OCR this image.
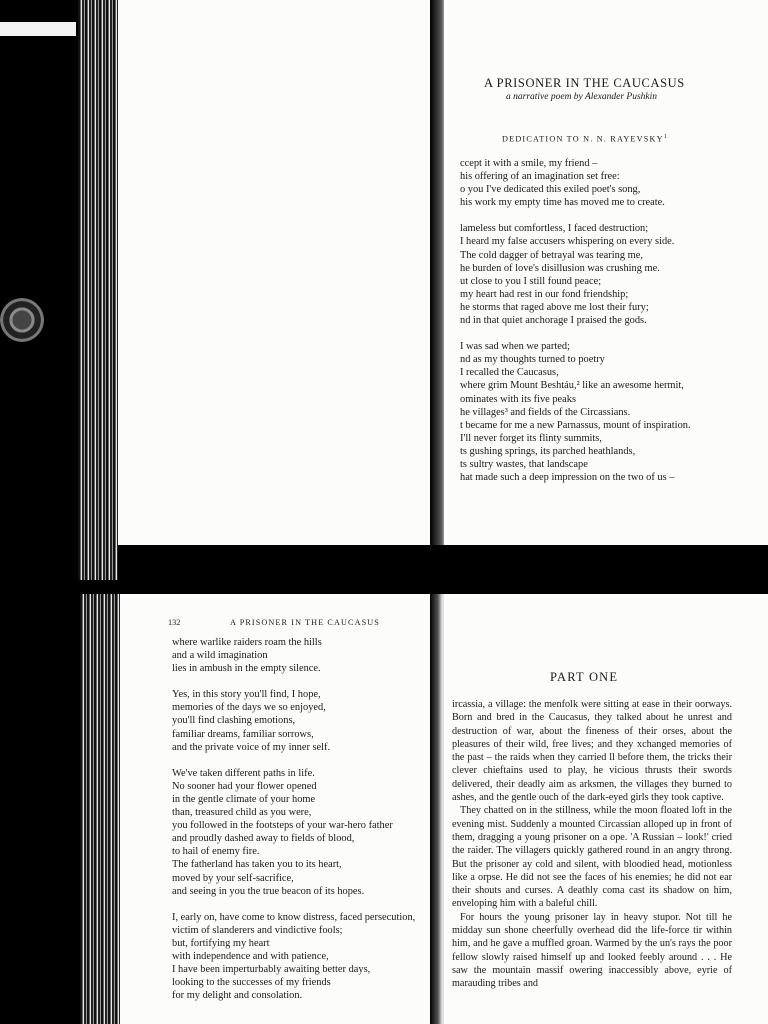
A PRISONER IN THE CAUCASUS
a narrative poem by Alexander Pushkin
DEDICATION TO N. N. RAYEVSKY$^1$
ccept it with a smile, my friend –
his offering of an imagination set free:
o you I've dedicated this exiled poet's song,
his work my empty time has moved me to create.
lameless but comfortless, I faced destruction;
I heard my false accusers whispering on every side.
The cold dagger of betrayal was tearing me,
he burden of love's disillusion was crushing me.
ut close to you I still found peace;
my heart had rest in our fond friendship;
he storms that raged above me lost their fury;
nd in that quiet anchorage I praised the gods.
I was sad when we parted;
nd as my thoughts turned to poetry
I recalled the Caucasus,
where grim Mount Beshtáu,² like an awesome hermit,
ominates with its five peaks
he villages³ and fields of the Circassians.
t became for me a new Parnassus, mount of inspiration.
I'll never forget its flinty summits,
ts gushing springs, its parched heathlands,
ts sultry wastes, that landscape
hat made such a deep impression on the two of us –
132	A PRISONER IN THE CAUCASUS
where warlike raiders roam the hills
and a wild imagination
lies in ambush in the empty silence.
Yes, in this story you'll find, I hope,
memories of the days we so enjoyed,
you'll find clashing emotions,
familiar dreams, familiar sorrows,
and the private voice of my inner self.
We've taken different paths in life.
No sooner had your flower opened
in the gentle climate of your home
than, treasured child as you were,
you followed in the footsteps of your war-hero father
and proudly dashed away to fields of blood,
to hail of enemy fire.
The fatherland has taken you to its heart,
moved by your self-sacrifice,
and seeing in you the true beacon of its hopes.
I, early on, have come to know distress, faced persecution,
victim of slanderers and vindictive fools;
but, fortifying my heart
with independence and with patience,
I have been imperturbably awaiting better days,
looking to the successes of my friends
for my delight and consolation.
PART ONE

ircassia, a village: the menfolk were sitting at ease in their oorways. Born and bred in the Caucasus, they talked about he unrest and destruction of war, about the fineness of their orses, about the pleasures of their wild, free lives; and they xchanged memories of the past – the raids when they carried ll before them, the tricks their clever chieftains used to play, he vicious thrusts their swords delivered, their deadly aim as arksmen, the villages they burned to ashes, and the gentle ouch of the dark-eyed girls they took captive.

They chatted on in the stillness, while the moon floated loft in the evening mist. Suddenly a mounted Circassian alloped up in front of them, dragging a young prisoner on a ope. 'A Russian – look!' cried the raider. The villagers quickly gathered round in an angry throng. But the prisoner ay cold and silent, with bloodied head, motionless like a orpse. He did not see the faces of his enemies; he did not ear their shouts and curses. A deathly coma cast its shadow on him, enveloping him with a baleful chill.

For hours the young prisoner lay in heavy stupor. Not till he midday sun shone cheerfully overhead did the life-force tir within him, and he gave a muffled groan. Warmed by the un's rays the poor fellow slowly raised himself up and looked feebly around . . . He saw the mountain massif owering inaccessibly above, eyrie of marauding tribes and
